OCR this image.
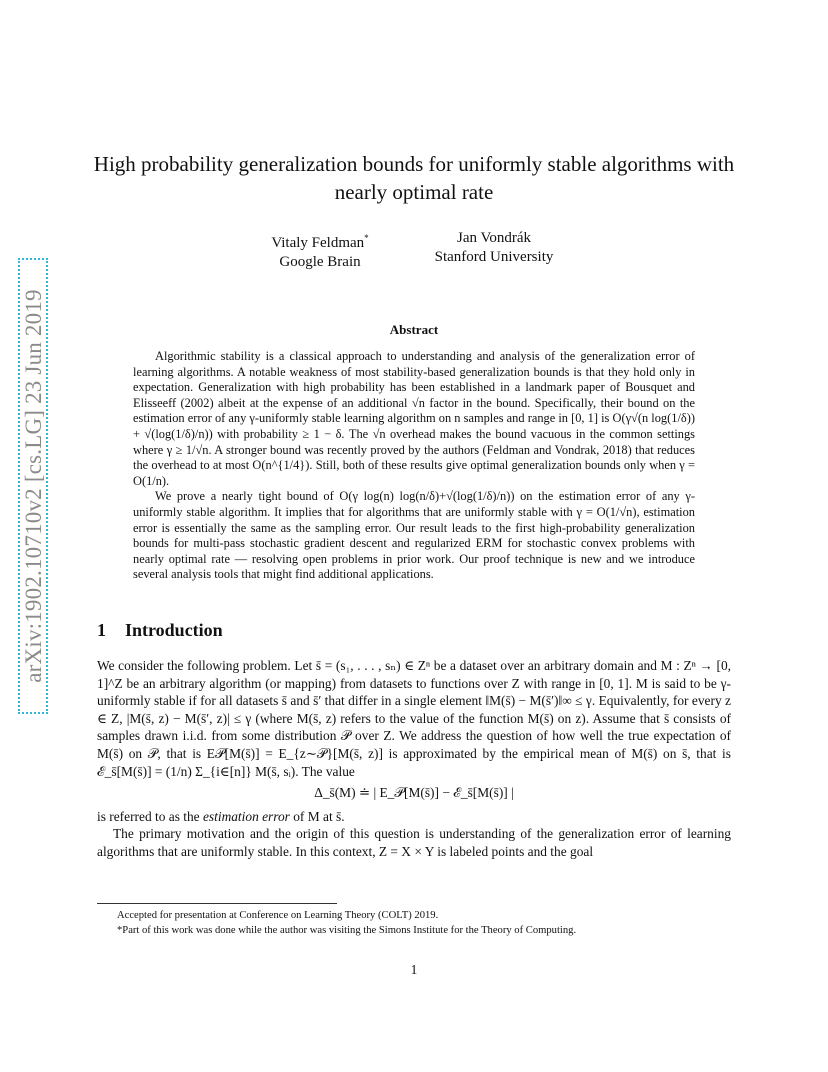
arXiv:1902.10710v2 [cs.LG] 23 Jun 2019
High probability generalization bounds for uniformly stable algorithms with nearly optimal rate
Vitaly Feldman*
Google Brain
Jan Vondrák
Stanford University
Abstract

Algorithmic stability is a classical approach to understanding and analysis of the generalization error of learning algorithms. A notable weakness of most stability-based generalization bounds is that they hold only in expectation. Generalization with high probability has been established in a landmark paper of Bousquet and Elisseeff (2002) albeit at the expense of an additional √n factor in the bound. Specifically, their bound on the estimation error of any γ-uniformly stable learning algorithm on n samples and range in [0, 1] is O(γ√(n log(1/δ)) + √(log(1/δ)/n)) with probability ≥ 1 − δ. The √n overhead makes the bound vacuous in the common settings where γ ≥ 1/√n. A stronger bound was recently proved by the authors (Feldman and Vondrak, 2018) that reduces the overhead to at most O(n^{1/4}). Still, both of these results give optimal generalization bounds only when γ = O(1/n).

We prove a nearly tight bound of O(γ log(n) log(n/δ)+√(log(1/δ)/n)) on the estimation error of any γ-uniformly stable algorithm. It implies that for algorithms that are uniformly stable with γ = O(1/√n), estimation error is essentially the same as the sampling error. Our result leads to the first high-probability generalization bounds for multi-pass stochastic gradient descent and regularized ERM for stochastic convex problems with nearly optimal rate — resolving open problems in prior work. Our proof technique is new and we introduce several analysis tools that might find additional applications.

1 Introduction

We consider the following problem. Let s̄ = (s₁, . . . , sₙ) ∈ Zⁿ be a dataset over an arbitrary domain and M : Zⁿ → [0, 1]^Z be an arbitrary algorithm (or mapping) from datasets to functions over Z with range in [0, 1]. M is said to be γ-uniformly stable if for all datasets s̄ and s̄′ that differ in a single element ‖M(s̄) − M(s̄′)‖∞ ≤ γ. Equivalently, for every z ∈ Z, |M(s̄, z) − M(s̄′, z)| ≤ γ (where M(s̄, z) refers to the value of the function M(s̄) on z). Assume that s̄ consists of samples drawn i.i.d. from some distribution 𝒫 over Z. We address the question of how well the true expectation of M(s̄) on 𝒫, that is E𝒫[M(s̄)] = E_{z∼𝒫}[M(s̄, z)] is approximated by the empirical mean of M(s̄) on s̄, that is ℰ_s̄[M(s̄)] = (1/n) Σ_{i∈[n]} M(s̄, sᵢ). The value

Δ_s̄(M) ≐ | E_𝒫[M(s̄)] − ℰ_s̄[M(s̄)] |

is referred to as the estimation error of M at s̄.

The primary motivation and the origin of this question is understanding of the generalization error of learning algorithms that are uniformly stable. In this context, Z = X × Y is labeled points and the goal

Accepted for presentation at Conference on Learning Theory (COLT) 2019.
*Part of this work was done while the author was visiting the Simons Institute for the Theory of Computing.
1
